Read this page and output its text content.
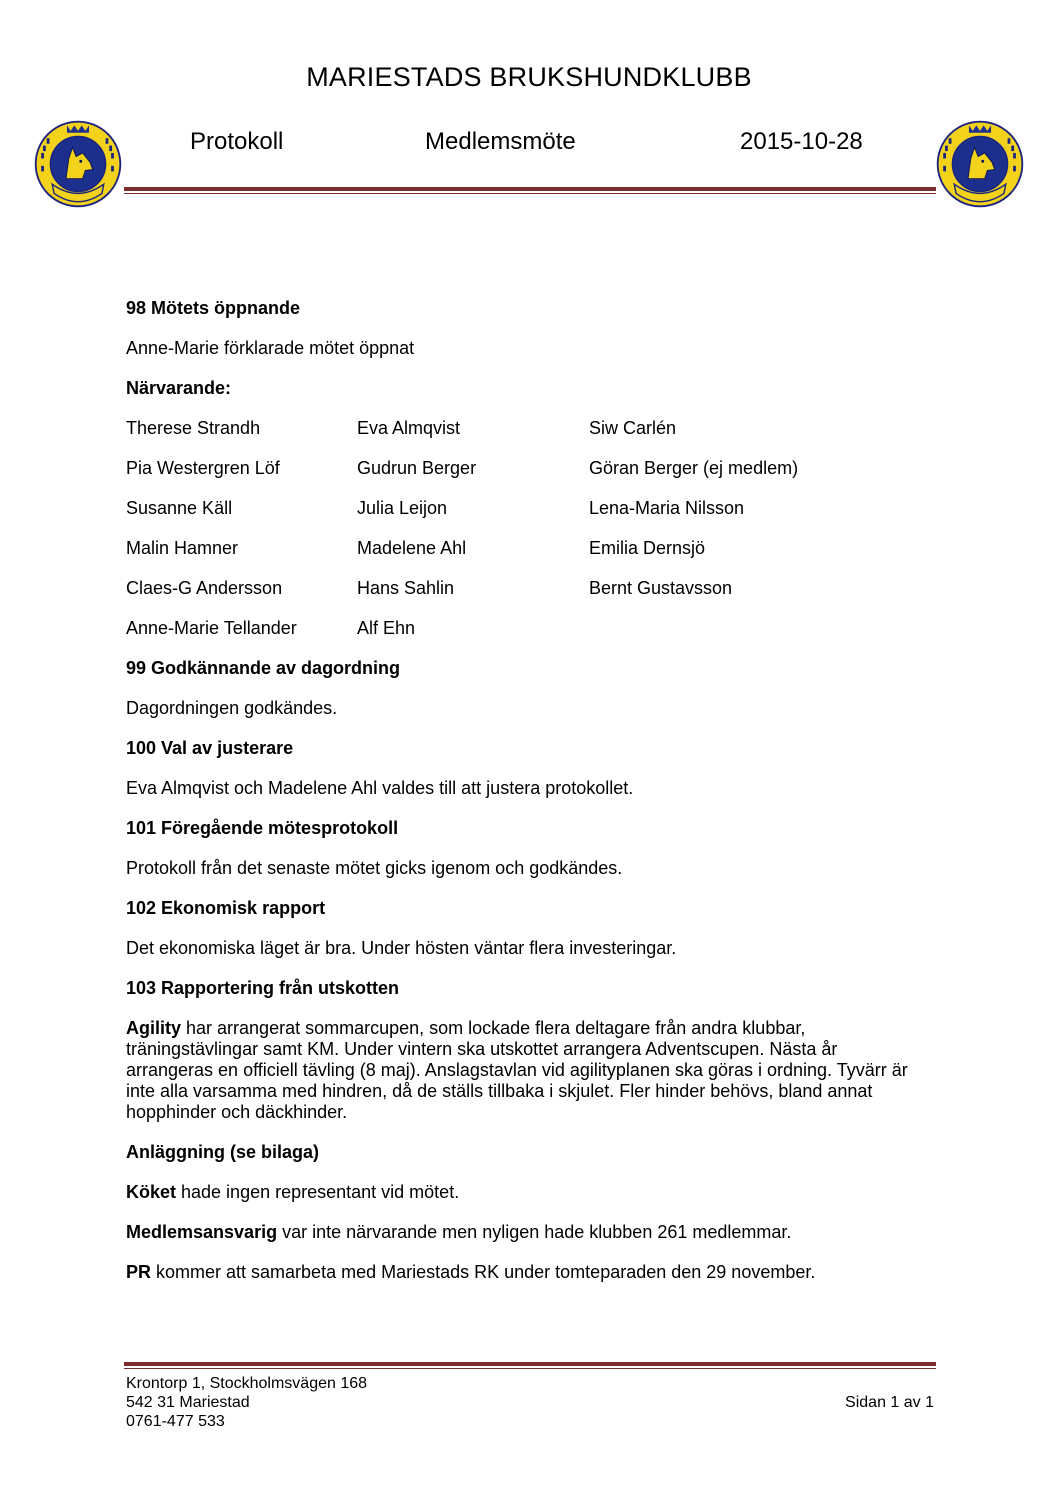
MARIESTADS BRUKSHUNDKLUBB
Protokoll	Medlemsmöte	2015-10-28
98 Mötets öppnande
Anne-Marie förklarade mötet öppnat
Närvarande:
Therese Strandh	Eva Almqvist	Siw Carlén
Pia Westergren Löf	Gudrun Berger	Göran Berger (ej medlem)
Susanne Käll	Julia Leijon	Lena-Maria Nilsson
Malin Hamner	Madelene Ahl	Emilia Dernsjö
Claes-G Andersson	Hans Sahlin	Bernt Gustavsson
Anne-Marie Tellander	Alf Ehn
99 Godkännande av dagordning
Dagordningen godkändes.
100 Val av justerare
Eva Almqvist och Madelene Ahl valdes till att justera protokollet.
101 Föregående mötesprotokoll
Protokoll från det senaste mötet gicks igenom och godkändes.
102 Ekonomisk rapport
Det ekonomiska läget är bra. Under hösten väntar flera investeringar.
103 Rapportering från utskotten
Agility har arrangerat sommarcupen, som lockade flera deltagare från andra klubbar, träningstävlingar samt KM. Under vintern ska utskottet arrangera Adventscupen. Nästa år arrangeras en officiell tävling (8 maj). Anslagstavlan vid agilityplanen ska göras i ordning. Tyvärr är inte alla varsamma med hindren, då de ställs tillbaka i skjulet. Fler hinder behövs, bland annat hopphinder och däckhinder.
Anläggning (se bilaga)
Köket hade ingen representant vid mötet.
Medlemsansvarig var inte närvarande men nyligen hade klubben 261 medlemmar.
PR kommer att samarbeta med Mariestads RK under tomteparaden den 29 november.
Krontorp 1, Stockholmsvägen 168
542 31 Mariestad
0761-477 533
Sidan 1 av 1
